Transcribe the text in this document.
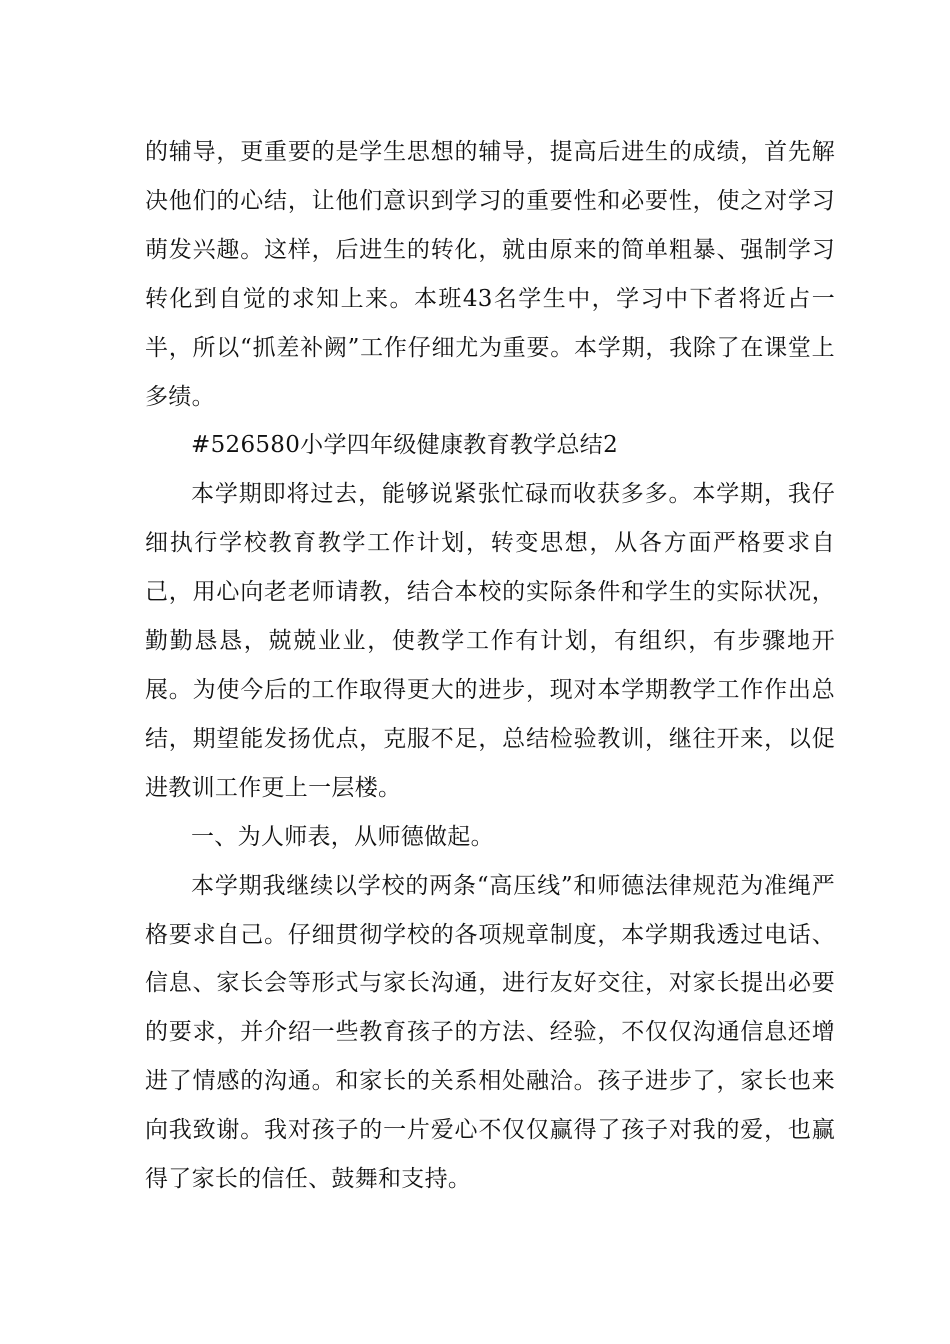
的辅导，更重要的是学生思想的辅导，提高后进生的成绩，首先解决他们的心结，让他们意识到学习的重要性和必要性，使之对学习萌发兴趣。这样，后进生的转化，就由原来的简单粗暴、强制学习转化到自觉的求知上来。本班43名学生中，学习中下者将近占一半，所以“抓差补阙”工作仔细尤为重要。本学期，我除了在课堂上多绩。

#526580小学四年级健康教育教学总结2

本学期即将过去，能够说紧张忙碌而收获多多。本学期，我仔细执行学校教育教学工作计划，转变思想，从各方面严格要求自己，用心向老老师请教，结合本校的实际条件和学生的实际状况，勤勤恳恳，兢兢业业，使教学工作有计划，有组织，有步骤地开展。为使今后的工作取得更大的进步，现对本学期教学工作作出总结，期望能发扬优点，克服不足，总结检验教训，继往开来，以促进教训工作更上一层楼。

一、为人师表，从师德做起。

本学期我继续以学校的两条“高压线”和师德法律规范为准绳严格要求自己。仔细贯彻学校的各项规章制度，本学期我透过电话、信息、家长会等形式与家长沟通，进行友好交往，对家长提出必要的要求，并介绍一些教育孩子的方法、经验，不仅仅沟通信息还增进了情感的沟通。和家长的关系相处融洽。孩子进步了，家长也来向我致谢。我对孩子的一片爱心不仅仅赢得了孩子对我的爱，也赢得了家长的信任、鼓舞和支持。
